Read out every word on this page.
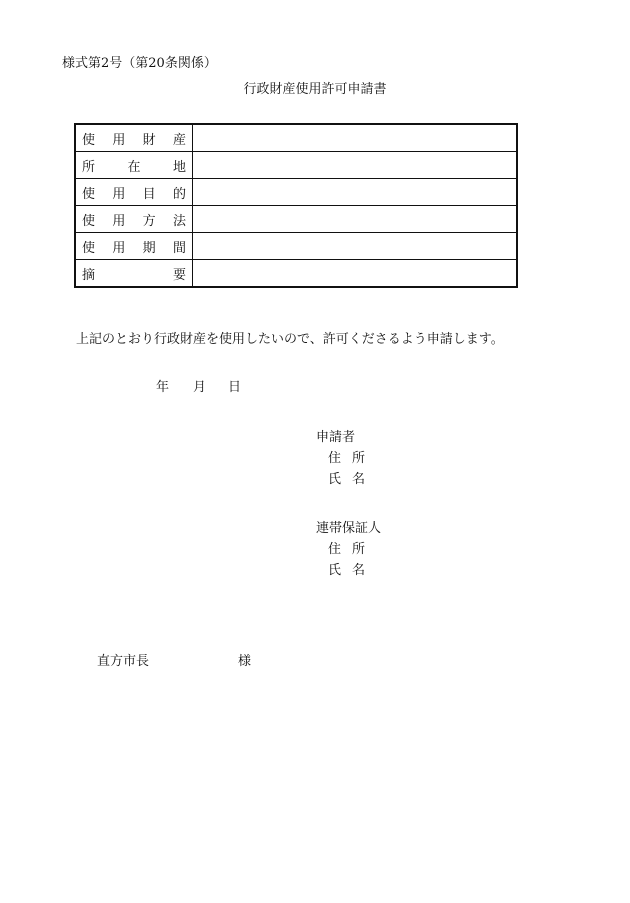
様式第2号（第20条関係）
行政財産使用許可申請書
使 用 財 産	

所 在 地	

使 用 目 的	

使 用 方 法	

使 用 期 間	

摘 要	

上記のとおり行政財産を使用したいので、許可くださるよう申請します。
年 月 日
申請者
住 所
氏 名
連帯保証人
住 所
氏 名
直方市長	様
